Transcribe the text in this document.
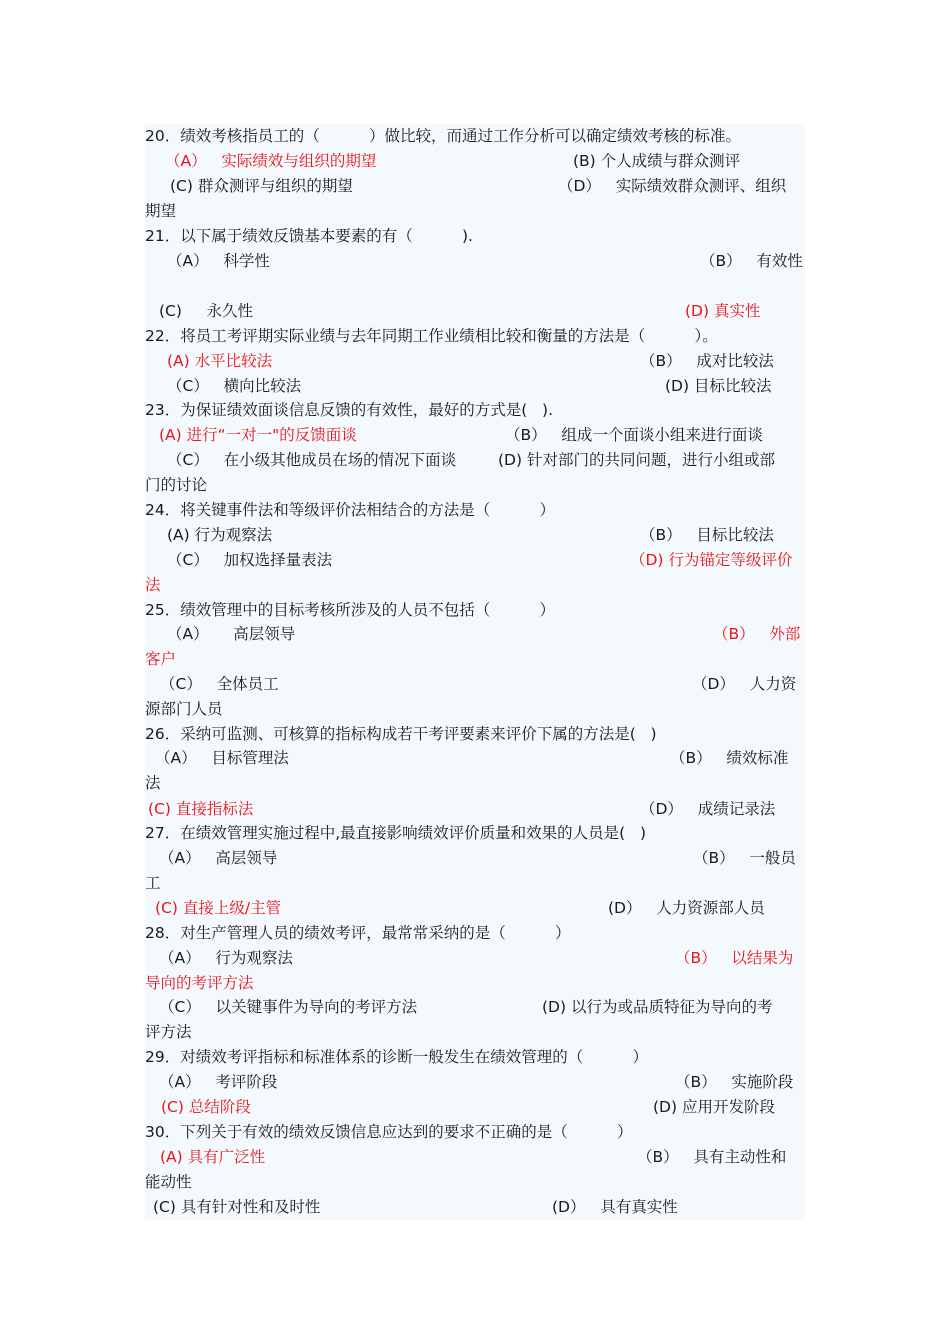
20．绩效考核指员工的（          ）做比较，而通过工作分析可以确定绩效考核的标准。
（A）   实际绩效与组织的期望	(B) 个人成绩与群众测评
(C) 群众测评与组织的期望	（D）   实际绩效群众测评、组织
期望
21．以下属于绩效反馈基本要素的有（          ).
（A）   科学性	（B）   有效性
(C)     永久性	(D) 真实性
22．将员工考评期实际业绩与去年同期工作业绩相比较和衡量的方法是（          ）。
(A) 水平比较法	（B）   成对比较法
（C）   横向比较法	(D) 目标比较法
23．为保证绩效面谈信息反馈的有效性，最好的方式是(   ).
(A) 进行“一对一"的反馈面谈	（B）   组成一个面谈小组来进行面谈
（C）   在小级其他成员在场的情况下面谈	(D) 针对部门的共同问题，进行小组或部
门的讨论
24．将关键事件法和等级评价法相结合的方法是（          ）
(A) 行为观察法	（B）   目标比较法
（C）   加权选择量表法	（D) 行为锚定等级评价
法
25．绩效管理中的目标考核所涉及的人员不包括（          ）
（A）     高层领导	（B）   外部
客户
（C）   全体员工	（D）   人力资
源部门人员
26．采纳可监测、可核算的指标构成若干考评要素来评价下属的方法是(   )
（A）   目标管理法	（B）   绩效标准
法
(C) 直接指标法	（D）   成绩记录法
27．在绩效管理实施过程中,最直接影响绩效评价质量和效果的人员是(   )
（A）   高层领导	（B）   一般员
工
(C) 直接上级/主管	(D）   人力资源部人员
28．对生产管理人员的绩效考评，最常常采纳的是（          ）
（A）   行为观察法	（B）   以结果为
导向的考评方法
（C）   以关键事件为导向的考评方法	(D) 以行为或品质特征为导向的考
评方法
29．对绩效考评指标和标准体系的诊断一般发生在绩效管理的（          ）
（A）   考评阶段	（B）   实施阶段
(C) 总结阶段	(D) 应用开发阶段
30．下列关于有效的绩效反馈信息应达到的要求不正确的是（          ）
(A) 具有广泛性	（B）   具有主动性和
能动性
(C) 具有针对性和及时性	(D）   具有真实性
